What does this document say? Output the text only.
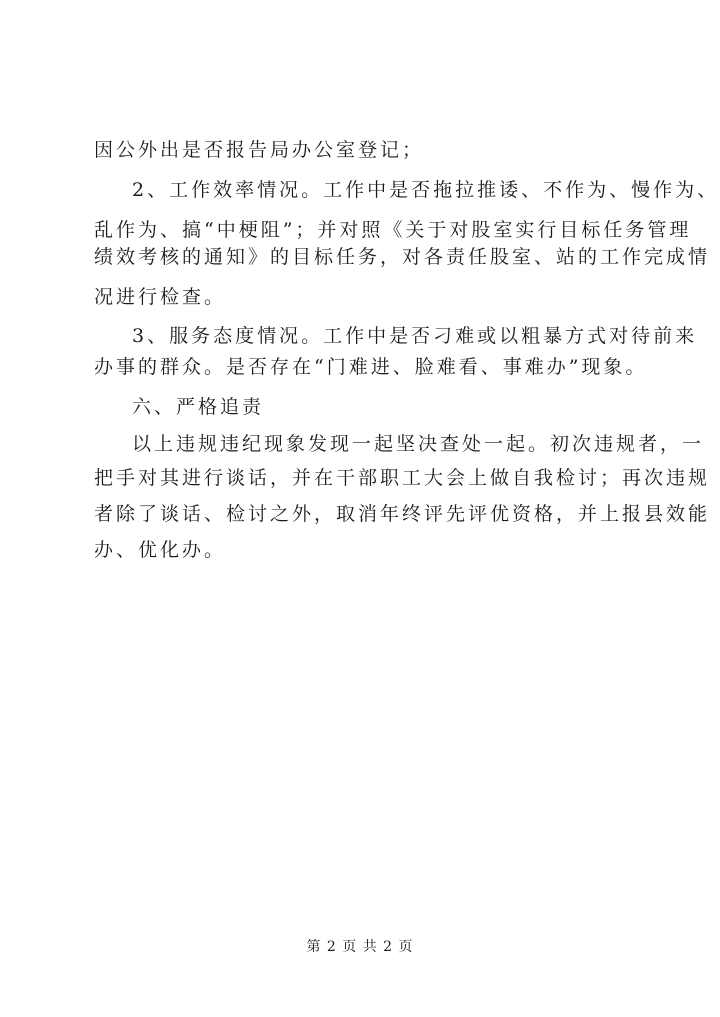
因公外出是否报告局办公室登记；
2、工作效率情况。工作中是否拖拉推诿、不作为、慢作为、
乱作为、搞“中梗阻”；并对照《关于对股室实行目标任务管理
绩效考核的通知》的目标任务，对各责任股室、站的工作完成情
况进行检查。
3、服务态度情况。工作中是否刁难或以粗暴方式对待前来
办事的群众。是否存在“门难进、脸难看、事难办”现象。
六、严格追责
以上违规违纪现象发现一起坚决查处一起。初次违规者，一
把手对其进行谈话，并在干部职工大会上做自我检讨；再次违规
者除了谈话、检讨之外，取消年终评先评优资格，并上报县效能
办、优化办。
第 2 页 共 2 页
